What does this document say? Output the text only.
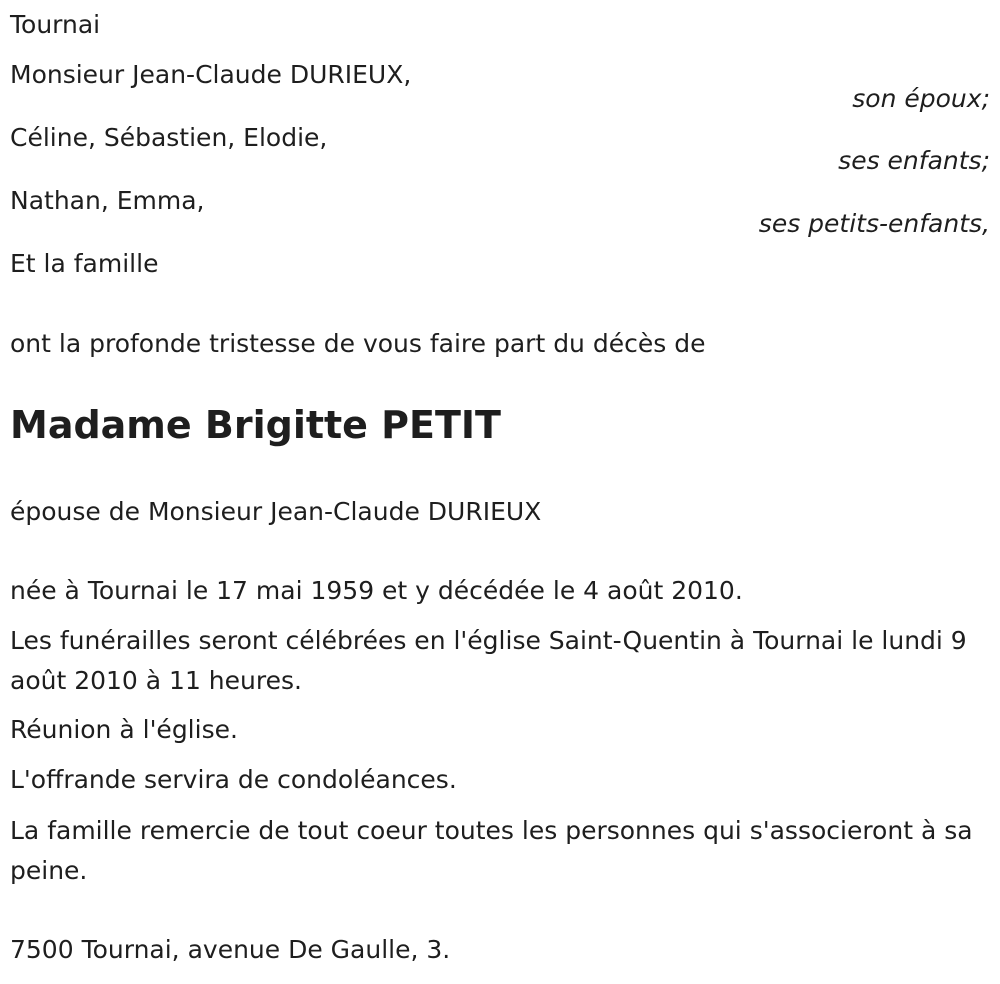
Tournai
Monsieur Jean-Claude DURIEUX,
son époux;
Céline, Sébastien, Elodie,
ses enfants;
Nathan, Emma,
ses petits-enfants,
Et la famille
ont la profonde tristesse de vous faire part du décès de
Madame Brigitte PETIT
épouse de Monsieur Jean-Claude DURIEUX
née à Tournai le 17 mai 1959 et y décédée le 4 août 2010.
Les funérailles seront célébrées en l'église Saint-Quentin à Tournai le lundi 9 août 2010 à 11 heures.
Réunion à l'église.
L'offrande servira de condoléances.
La famille remercie de tout coeur toutes les personnes qui s'associeront à sa peine.
7500 Tournai, avenue De Gaulle, 3.
